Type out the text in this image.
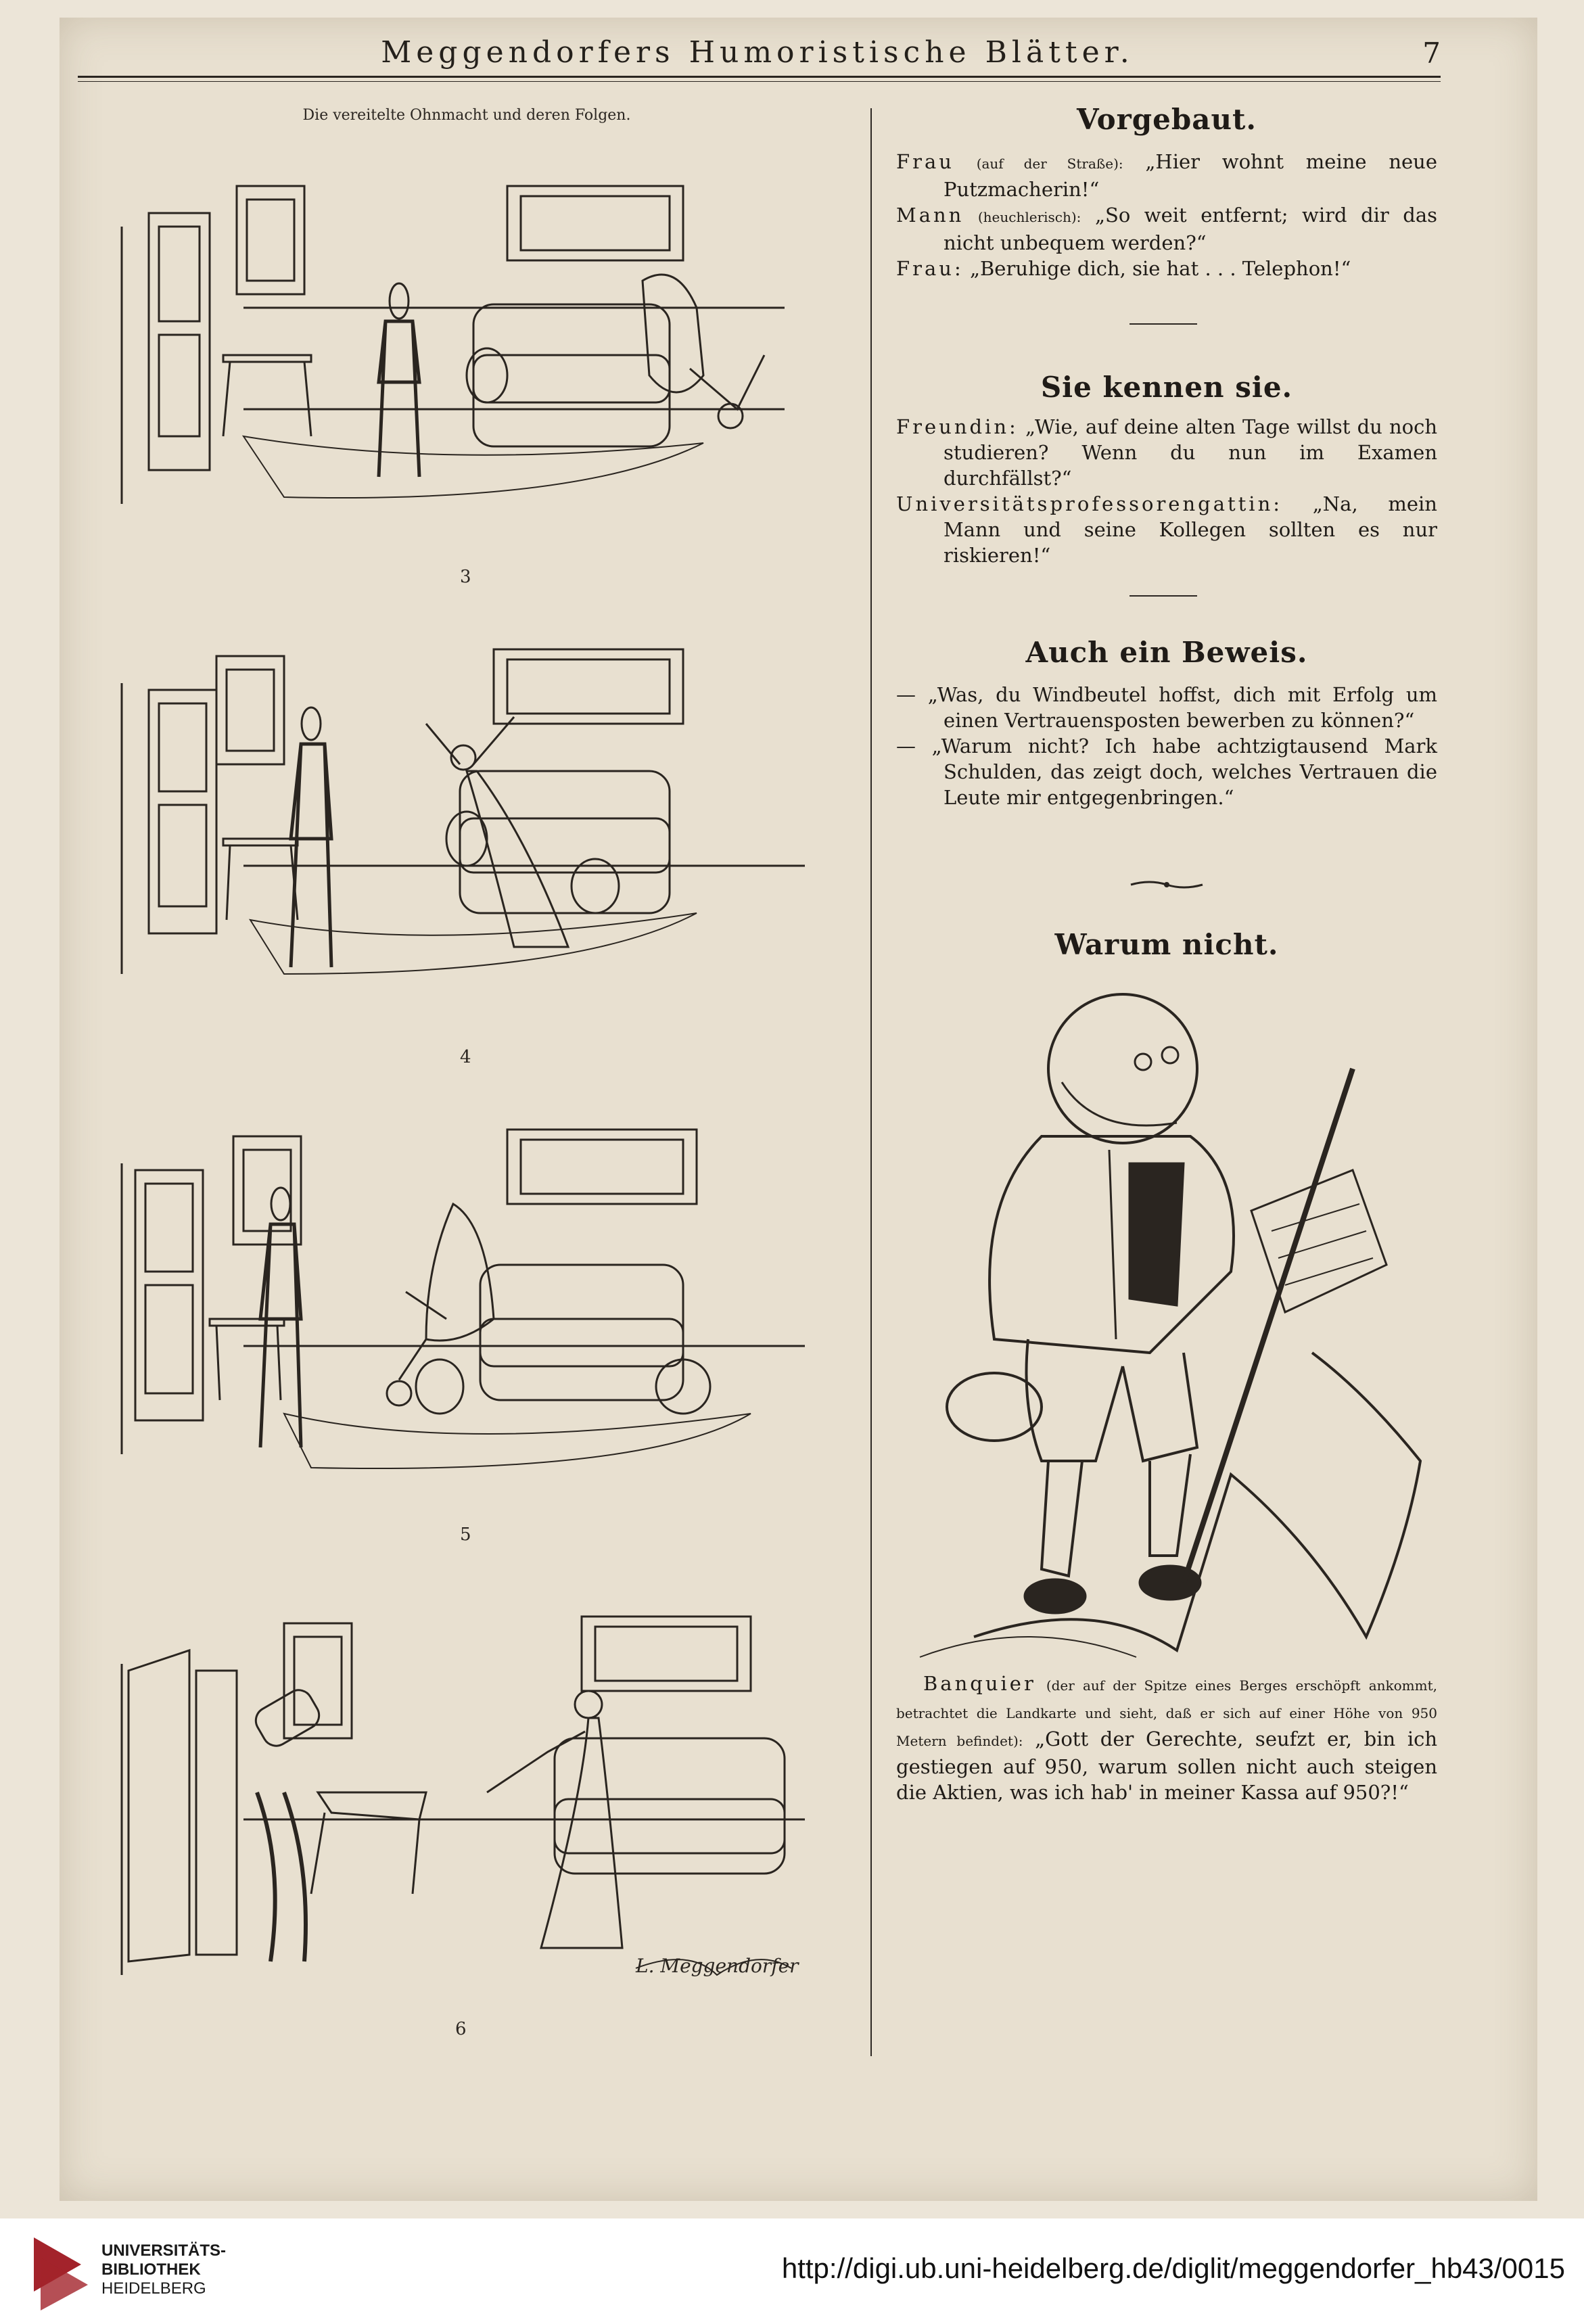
Meggendorfers Humoristische Blätter.	7
Die vereitelte Ohnmacht und deren Folgen.
3
4
5
6
L. Meggendorfer
Vorgebaut.

Frau (auf der Straße): „Hier wohnt meine neue Putzmacherin!“

Mann (heuchlerisch): „So weit entfernt; wird dir das nicht unbequem werden?“

Frau: „Beruhige dich, sie hat . . . Telephon!“

Sie kennen sie.

Freundin: „Wie, auf deine alten Tage willst du noch studieren? Wenn du nun im Examen durchfällst?“

Universitätsprofessorengattin: „Na, mein Mann und seine Kollegen sollten es nur riskieren!“

Auch ein Beweis.

— „Was, du Windbeutel hoffst, dich mit Erfolg um einen Vertrauensposten bewerben zu können?“

— „Warum nicht? Ich habe achtzigtausend Mark Schulden, das zeigt doch, welches Vertrauen die Leute mir entgegenbringen.“

Warum nicht.

Banquier (der auf der Spitze eines Berges erschöpft ankommt, betrachtet die Landkarte und sieht, daß er sich auf einer Höhe von 950 Metern befindet): „Gott der Gerechte, seufzt er, bin ich gestiegen auf 950, warum sollen nicht auch steigen die Aktien, was ich hab' in meiner Kassa auf 950?!“

UNIVERSITÄTS-
BIBLIOTHEK
HEIDELBERG
http://digi.ub.uni-heidelberg.de/diglit/meggendorfer_hb43/0015
